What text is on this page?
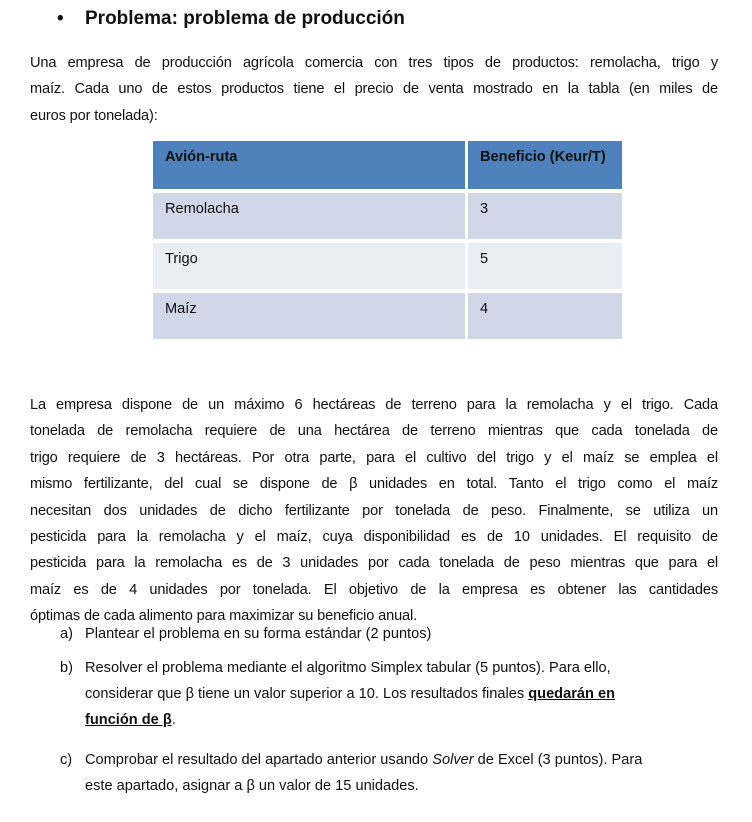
• Problema: problema de producción
Una empresa de producción agrícola comercia con tres tipos de productos: remolacha, trigo y
maíz. Cada uno de estos productos tiene el precio de venta mostrado en la tabla (en miles de
euros por tonelada):
Avión-ruta	Beneficio (Keur/T)
Remolacha	3
Trigo	5
Maíz	4
La empresa dispone de un máximo 6 hectáreas de terreno para la remolacha y el trigo. Cada
tonelada de remolacha requiere de una hectárea de terreno mientras que cada tonelada de
trigo requiere de 3 hectáreas. Por otra parte, para el cultivo del trigo y el maíz se emplea el
mismo fertilizante, del cual se dispone de β unidades en total. Tanto el trigo como el maíz
necesitan dos unidades de dicho fertilizante por tonelada de peso. Finalmente, se utiliza un
pesticida para la remolacha y el maíz, cuya disponibilidad es de 10 unidades. El requisito de
pesticida para la remolacha es de 3 unidades por cada tonelada de peso mientras que para el
maíz es de 4 unidades por tonelada. El objetivo de la empresa es obtener las cantidades
óptimas de cada alimento para maximizar su beneficio anual.
a) Plantear el problema en su forma estándar (2 puntos)
b) Resolver el problema mediante el algoritmo Simplex tabular (5 puntos). Para ello,
considerar que β tiene un valor superior a 10. Los resultados finales quedarán en
función de β.
c) Comprobar el resultado del apartado anterior usando Solver de Excel (3 puntos). Para
este apartado, asignar a β un valor de 15 unidades.
